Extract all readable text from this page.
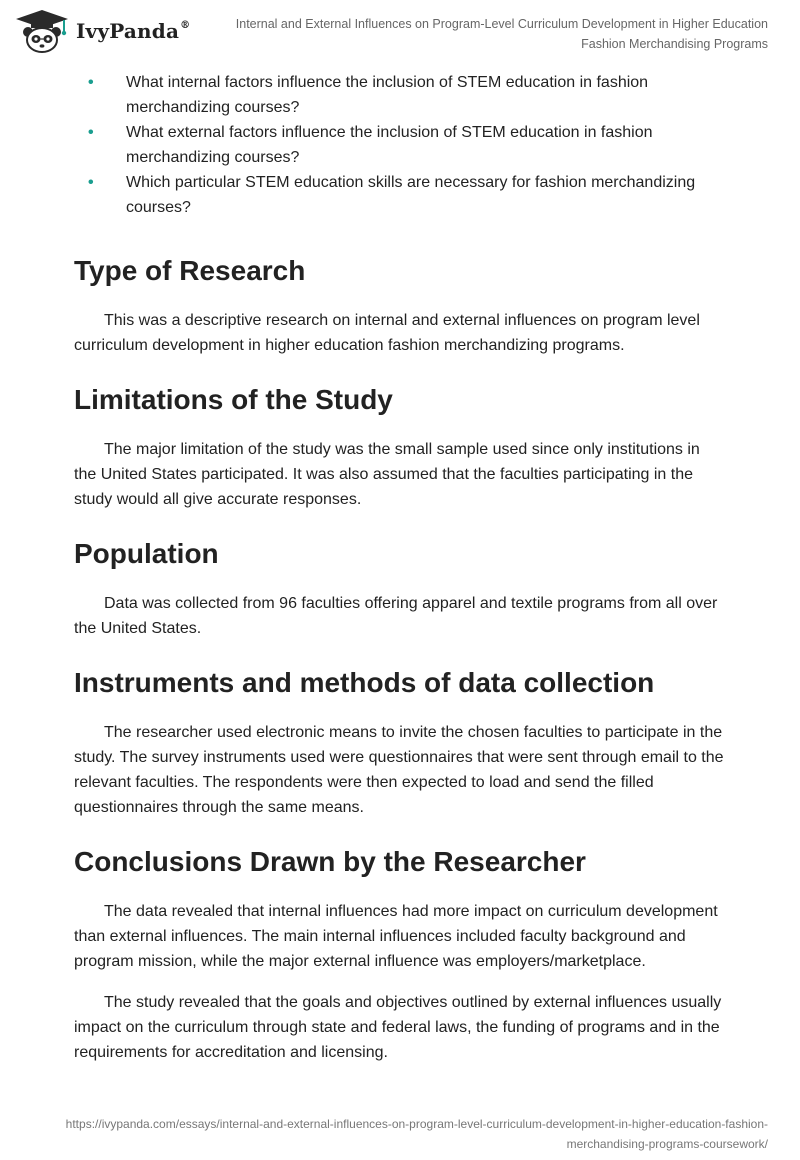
IvyPanda®	Internal and External Influences on Program-Level Curriculum Development in Higher Education
Fashion Merchandising Programs
• What internal factors influence the inclusion of STEM education in fashion merchandizing courses?
• What external factors influence the inclusion of STEM education in fashion merchandizing courses?
• Which particular STEM education skills are necessary for fashion merchandizing courses?
Type of Research

This was a descriptive research on internal and external influences on program level curriculum development in higher education fashion merchandizing programs.

Limitations of the Study

The major limitation of the study was the small sample used since only institutions in the United States participated. It was also assumed that the faculties participating in the study would all give accurate responses.

Population

Data was collected from 96 faculties offering apparel and textile programs from all over the United States.

Instruments and methods of data collection

The researcher used electronic means to invite the chosen faculties to participate in the study. The survey instruments used were questionnaires that were sent through email to the relevant faculties. The respondents were then expected to load and send the filled questionnaires through the same means.

Conclusions Drawn by the Researcher

The data revealed that internal influences had more impact on curriculum development than external influences. The main internal influences included faculty background and program mission, while the major external influence was employers/marketplace.

The study revealed that the goals and objectives outlined by external influences usually impact on the curriculum through state and federal laws, the funding of programs and in the requirements for accreditation and licensing.

https://ivypanda.com/essays/internal-and-external-influences-on-program-level-curriculum-development-in-higher-education-fashion-
merchandising-programs-coursework/
